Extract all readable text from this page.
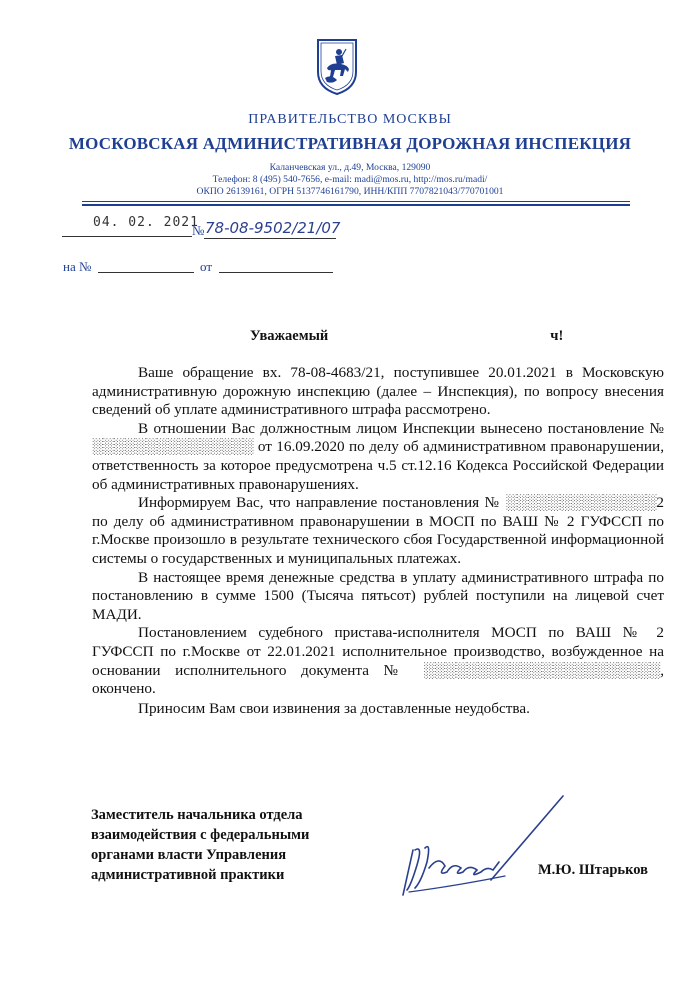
ПРАВИТЕЛЬСТВО МОСКВЫ
МОСКОВСКАЯ АДМИНИСТРАТИВНАЯ ДОРОЖНАЯ ИНСПЕКЦИЯ
Каланчевская ул., д.49, Москва, 129090
Телефон: 8 (495) 540-7656, e-mail: madi@mos.ru, http://mos.ru/madi/
ОКПО 26139161, ОГРН 5137746161790, ИНН/КПП 7707821043/770701001
04. 02. 2021
№ 78-08-9502/21/07
на №	от
Уважаемый	ч!

Ваше обращение вх. 78-08-4683/21, поступившее 20.01.2021 в Московскую административную дорожную инспекцию (далее – Инспекция), по вопросу внесения сведений об уплате административного штрафа рассмотрено.

В отношении Вас должностным лицом Инспекции вынесено постановление № ░░░░░░░░░░░░░░░ от 16.09.2020 по делу об административном правонарушении, ответственность за которое предусмотрена ч.5 ст.12.16 Кодекса Российской Федерации об административных правонарушениях.

Информируем Вас, что направление постановления № ░░░░░░░░░░░░░░2 по делу об административном правонарушении в МОСП по ВАШ № 2 ГУФССП по г.Москве произошло в результате технического сбоя Государственной информационной системы о государственных и муниципальных платежах.

В настоящее время денежные средства в уплату административного штрафа по постановлению в сумме 1500 (Тысяча пятьсот) рублей поступили на лицевой счет МАДИ.

Постановлением судебного пристава-исполнителя МОСП по ВАШ № 2 ГУФССП по г.Москве от 22.01.2021 исполнительное производство, возбужденное на основании исполнительного документа № ░░░░░░░░░░░░░░░░░░░░░░, окончено.

Приносим Вам свои извинения за доставленные неудобства.

Заместитель начальника отдела
взаимодействия с федеральными
органами власти Управления
административной практики	М.Ю. Штарьков
